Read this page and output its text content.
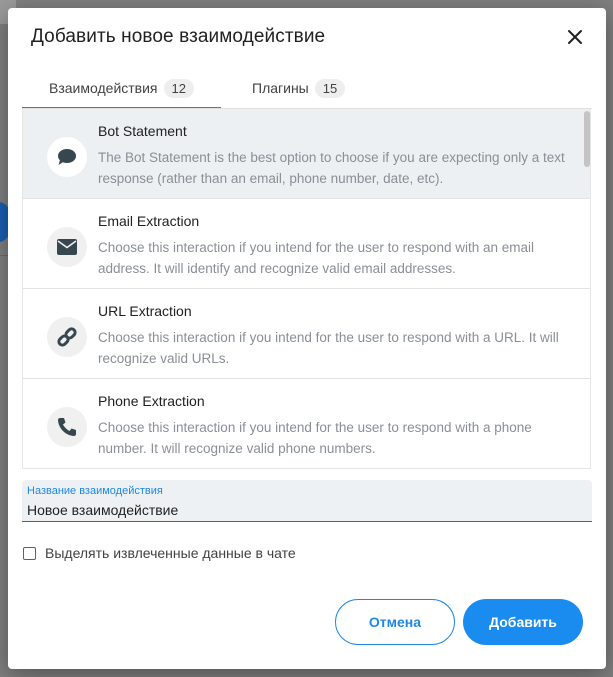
Добавить новое взаимодействие
Взаимодействия	12	Плагины	15
Bot Statement
The Bot Statement is the best option to choose if you are expecting only a text response (rather than an email, phone number, date, etc).
Email Extraction
Choose this interaction if you intend for the user to respond with an email address. It will identify and recognize valid email addresses.
URL Extraction
Choose this interaction if you intend for the user to respond with a URL. It will recognize valid URLs.
Phone Extraction
Choose this interaction if you intend for the user to respond with a phone number. It will recognize valid phone numbers.
Название взаимодействия
Новое взаимодействие
Выделять извлеченные данные в чате
Отмена	Добавить
